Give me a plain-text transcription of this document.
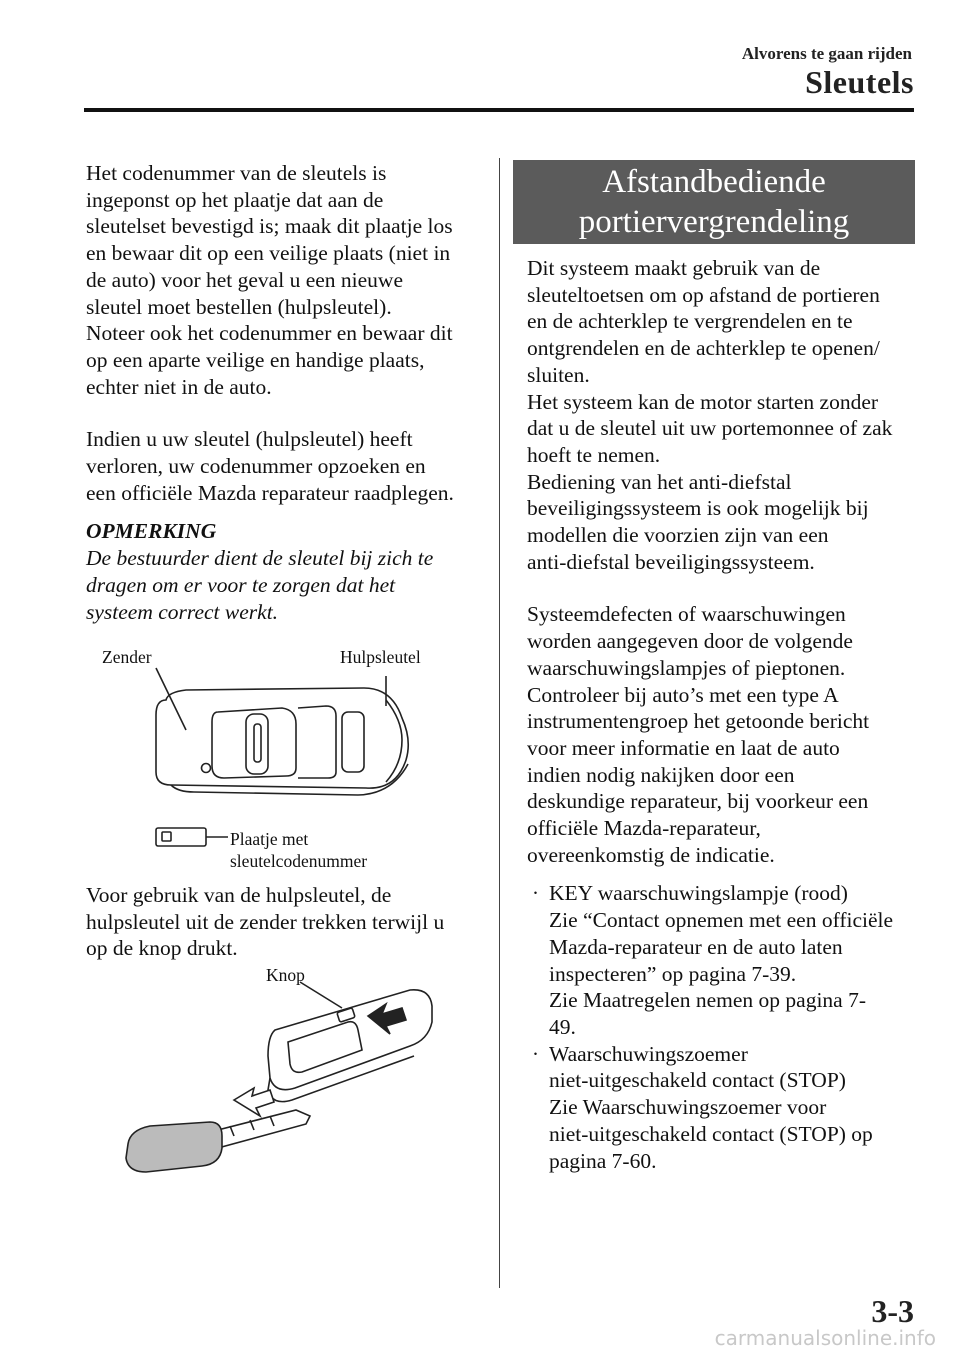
Alvorens te gaan rijden
Sleutels

Het codenummer van de sleutels is
ingeponst op het plaatje dat aan de
sleutelset bevestigd is; maak dit plaatje los
en bewaar dit op een veilige plaats (niet in
de auto) voor het geval u een nieuwe
sleutel moet bestellen (hulpsleutel).
Noteer ook het codenummer en bewaar dit
op een aparte veilige en handige plaats,
echter niet in de auto.

Indien u uw sleutel (hulpsleutel) heeft
verloren, uw codenummer opzoeken en
een officiële Mazda reparateur raadplegen.

OPMERKING

De bestuurder dient de sleutel bij zich te
dragen om er voor te zorgen dat het
systeem correct werkt.

Zender	Hulpsleutel
Plaatje met
sleutelcodenummer

Voor gebruik van de hulpsleutel, de
hulpsleutel uit de zender trekken terwijl u
op de knop drukt.

Knop
Afstandbediende
portiervergrendeling

Dit systeem maakt gebruik van de
sleuteltoetsen om op afstand de portieren
en de achterklep te vergrendelen en te
ontgrendelen en de achterklep te openen/
sluiten.
Het systeem kan de motor starten zonder
dat u de sleutel uit uw portemonnee of zak
hoeft te nemen.
Bediening van het anti-diefstal
beveiligingssysteem is ook mogelijk bij
modellen die voorzien zijn van een
anti-diefstal beveiligingssysteem.

Systeemdefecten of waarschuwingen
worden aangegeven door de volgende
waarschuwingslampjes of pieptonen.
Controleer bij auto’s met een type A
instrumentengroep het getoonde bericht
voor meer informatie en laat de auto
indien nodig nakijken door een
deskundige reparateur, bij voorkeur een
officiële Mazda-reparateur,
overeenkomstig de indicatie.

· KEY waarschuwingslampje (rood)
Zie “Contact opnemen met een officiële
Mazda-reparateur en de auto laten
inspecteren” op pagina 7-39.
Zie Maatregelen nemen op pagina 7-
49.
· Waarschuwingszoemer
niet-uitgeschakeld contact (STOP)
Zie Waarschuwingszoemer voor
niet-uitgeschakeld contact (STOP) op
pagina 7-60.
3-3
carmanualsonline.info
